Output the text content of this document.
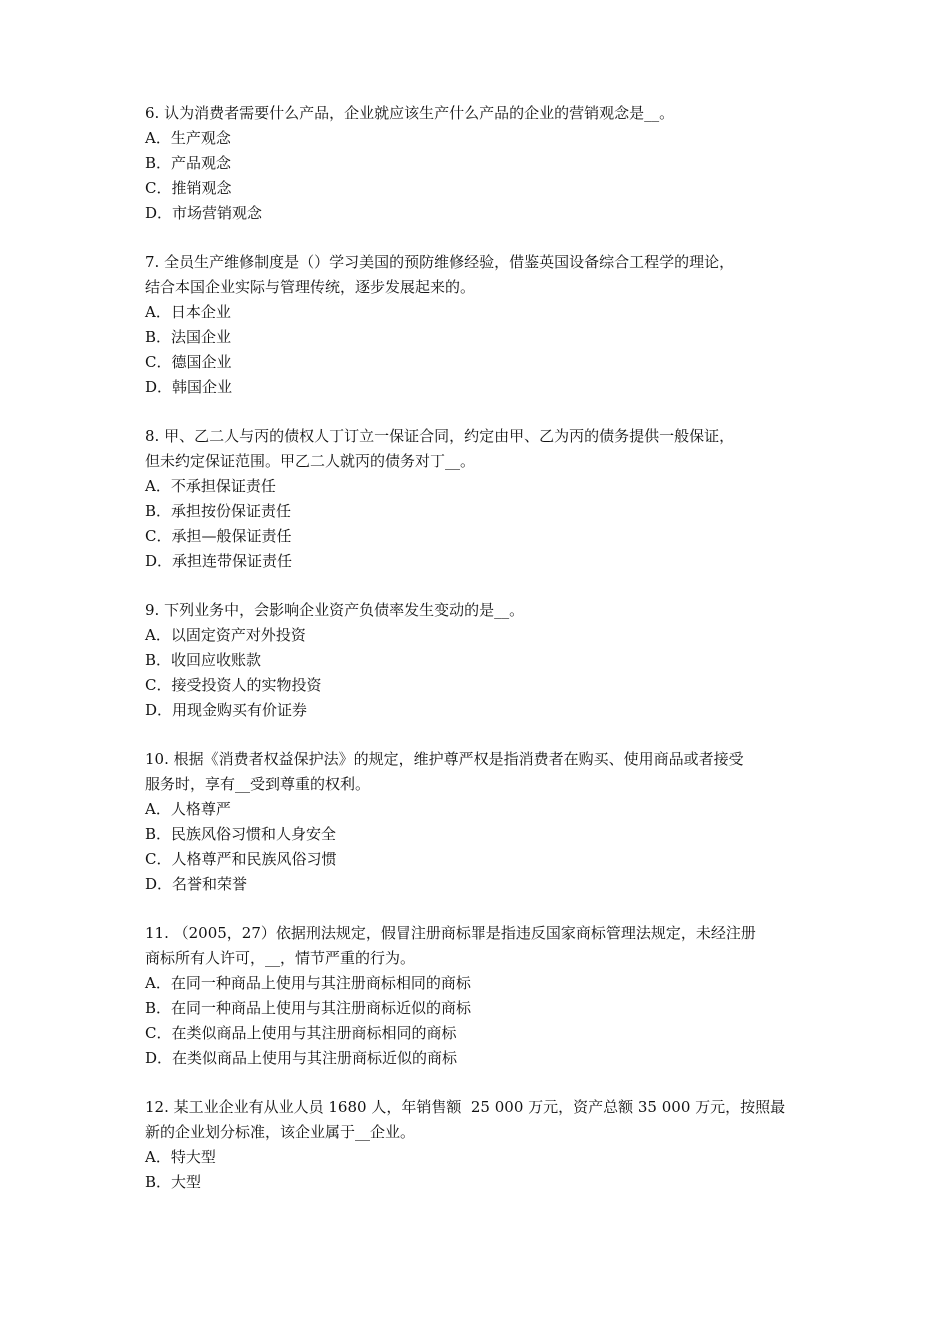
6. 认为消费者需要什么产品，企业就应该生产什么产品的企业的营销观念是__。

A．生产观念

B．产品观念

C．推销观念

D．市场营销观念

7. 全员生产维修制度是（）学习美国的预防维修经验，借鉴英国设备综合工程学的理论，
结合本国企业实际与管理传统，逐步发展起来的。

A．日本企业

B．法国企业

C．德国企业

D．韩国企业

8. 甲、乙二人与丙的债权人丁订立一保证合同，约定由甲、乙为丙的债务提供一般保证，
但未约定保证范围。甲乙二人就丙的债务对丁__。

A．不承担保证责任

B．承担按份保证责任

C．承担—般保证责任

D．承担连带保证责任

9. 下列业务中，会影响企业资产负债率发生变动的是__。

A．以固定资产对外投资

B．收回应收账款

C．接受投资人的实物投资

D．用现金购买有价证券

10. 根据《消费者权益保护法》的规定，维护尊严权是指消费者在购买、使用商品或者接受
服务时，享有__受到尊重的权利。

A．人格尊严

B．民族风俗习惯和人身安全

C．人格尊严和民族风俗习惯

D．名誉和荣誉

11. （2005，27）依据刑法规定，假冒注册商标罪是指违反国家商标管理法规定，未经注册
商标所有人许可，__，情节严重的行为。

A．在同一种商品上使用与其注册商标相同的商标

B．在同一种商品上使用与其注册商标近似的商标

C．在类似商品上使用与其注册商标相同的商标

D．在类似商品上使用与其注册商标近似的商标

12. 某工业企业有从业人员 1680 人，年销售额  25 000 万元，资产总额 35 000 万元，按照最
新的企业划分标准，该企业属于__企业。

A．特大型

B．大型
